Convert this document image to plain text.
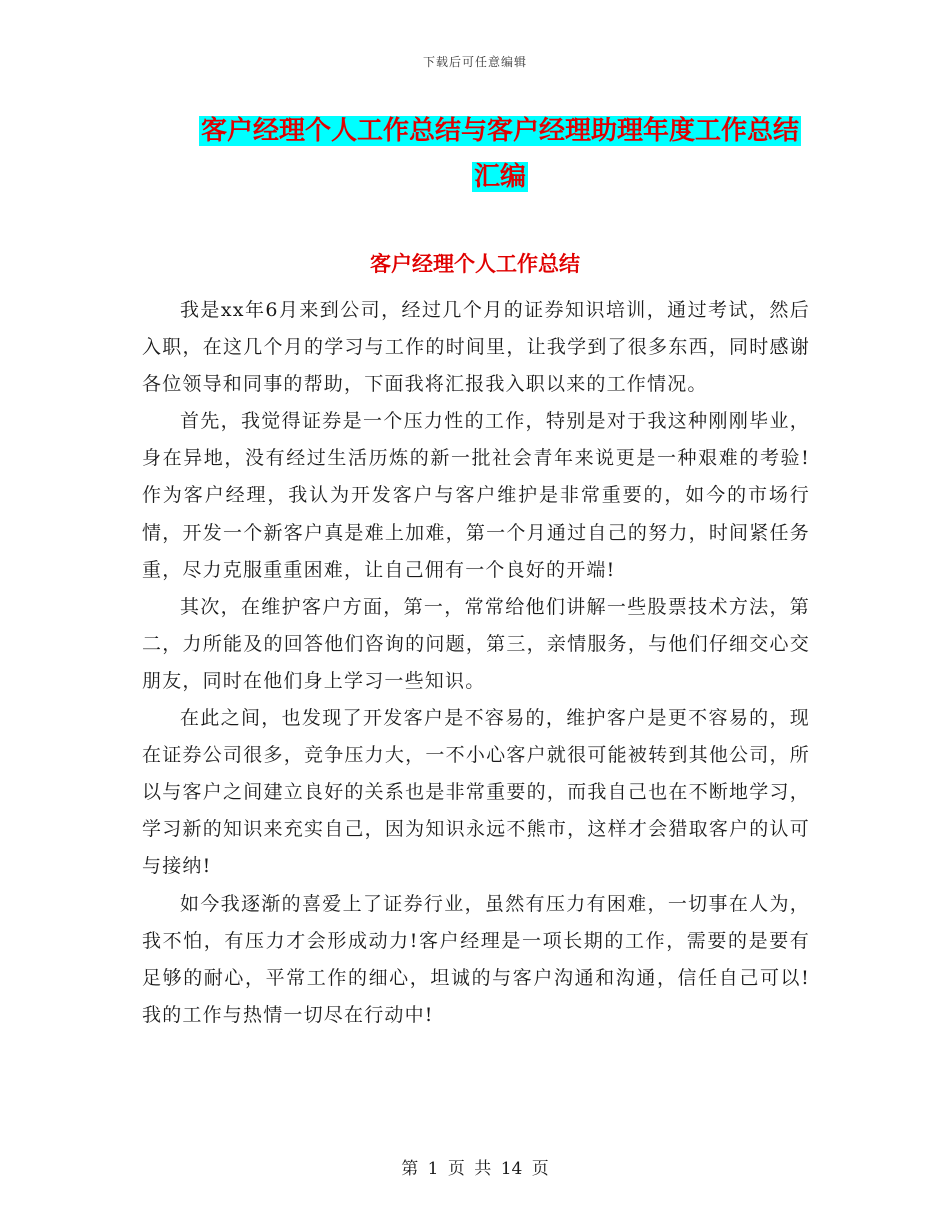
下载后可任意编辑
客户经理个人工作总结与客户经理助理年度工作总结
汇编
客户经理个人工作总结

我是xx年6月来到公司，经过几个月的证券知识培训，通过考试，然后入职，在这几个月的学习与工作的时间里，让我学到了很多东西，同时感谢各位领导和同事的帮助，下面我将汇报我入职以来的工作情况。

首先，我觉得证券是一个压力性的工作，特别是对于我这种刚刚毕业，身在异地，没有经过生活历炼的新一批社会青年来说更是一种艰难的考验!作为客户经理，我认为开发客户与客户维护是非常重要的，如今的市场行情，开发一个新客户真是难上加难，第一个月通过自己的努力，时间紧任务重，尽力克服重重困难，让自己佣有一个良好的开端!

其次，在维护客户方面，第一，常常给他们讲解一些股票技术方法，第二，力所能及的回答他们咨询的问题，第三，亲情服务，与他们仔细交心交朋友，同时在他们身上学习一些知识。

在此之间，也发现了开发客户是不容易的，维护客户是更不容易的，现在证券公司很多，竞争压力大，一不小心客户就很可能被转到其他公司，所以与客户之间建立良好的关系也是非常重要的，而我自己也在不断地学习，学习新的知识来充实自己，因为知识永远不熊市，这样才会猎取客户的认可与接纳!

如今我逐渐的喜爱上了证券行业，虽然有压力有困难，一切事在人为，我不怕，有压力才会形成动力!客户经理是一项长期的工作，需要的是要有足够的耐心，平常工作的细心，坦诚的与客户沟通和沟通，信任自己可以!我的工作与热情一切尽在行动中!

第 1 页 共 14 页
